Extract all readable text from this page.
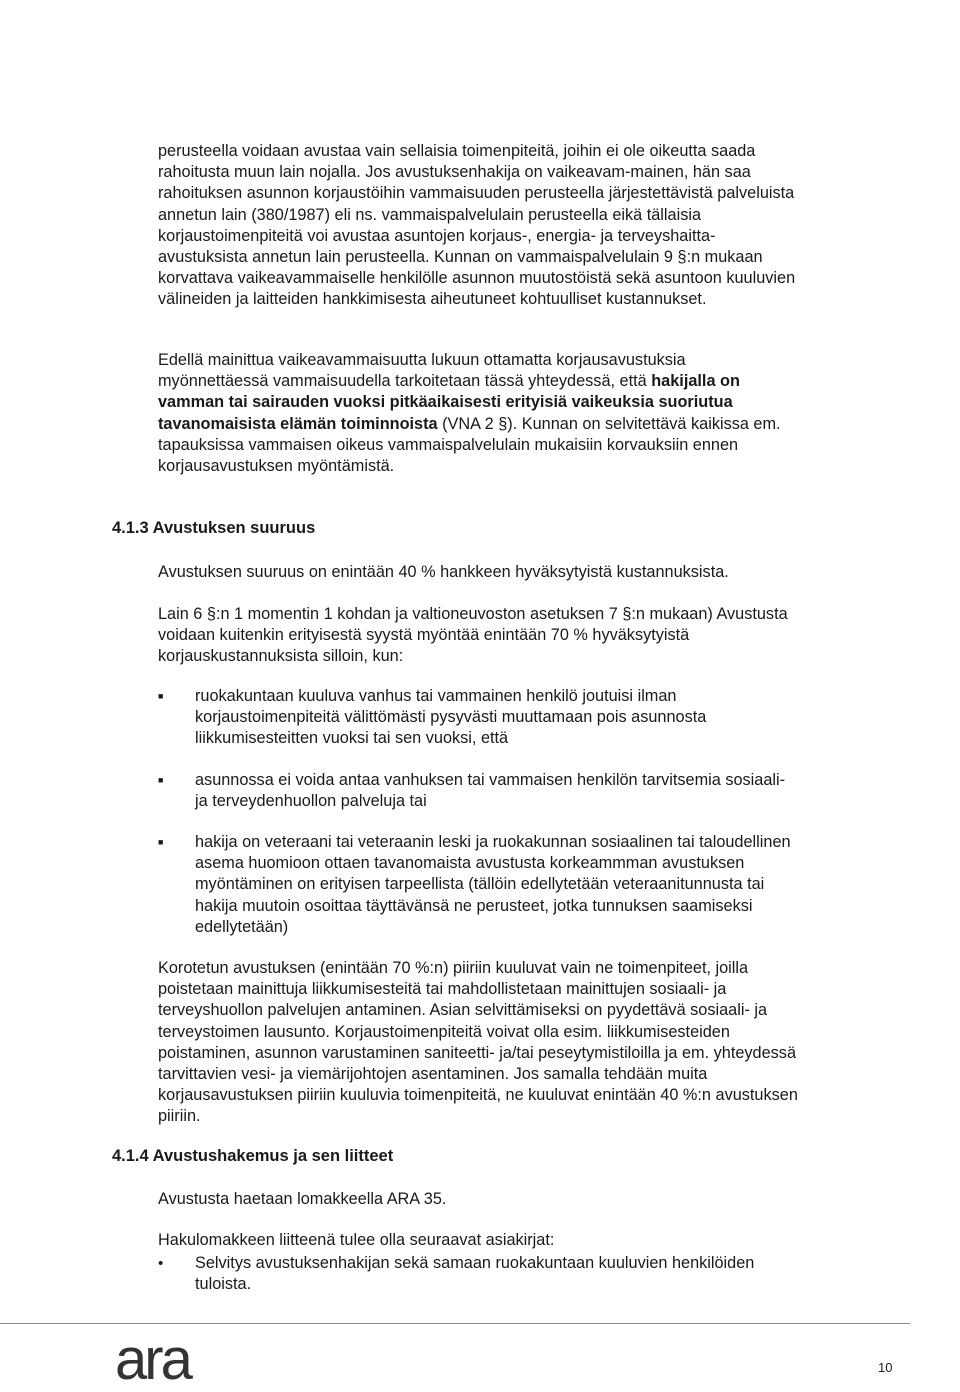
perusteella voidaan avustaa vain sellaisia toimenpiteitä, joihin ei ole oikeutta saada rahoitusta muun lain nojalla. Jos avustuksenhakija on vaikeavam-mainen, hän saa rahoituksen asunnon korjaustöihin vammaisuuden perusteella järjestettävistä palveluista annetun lain (380/1987) eli ns. vammaispalvelulain perusteella eikä tällaisia korjaustoimenpiteitä voi avustaa asuntojen korjaus-, energia- ja terveyshaitta-avustuksista annetun lain perusteella. Kunnan on vammaispalvelulain 9 §:n mukaan korvattava vaikeavammaiselle henkilölle asunnon muutostöistä sekä asuntoon kuuluvien välineiden ja laitteiden hankkimisesta aiheutuneet kohtuulliset kustannukset.

Edellä mainittua vaikeavammaisuutta lukuun ottamatta korjausavustuksia myönnettäessä vammaisuudella tarkoitetaan tässä yhteydessä, että hakijalla on vamman tai sairauden vuoksi pitkäaikaisesti erityisiä vaikeuksia suoriutua tavanomaisista elämän toiminnoista (VNA 2 §). Kunnan on selvitettävä kaikissa em. tapauksissa vammaisen oikeus vammaispalvelulain mukaisiin korvauksiin ennen korjausavustuksen myöntämistä.

4.1.3 Avustuksen suuruus
Avustuksen suuruus on enintään 40 % hankkeen hyväksytyistä kustannuksista.
Lain 6 §:n 1 momentin 1 kohdan ja valtioneuvoston asetuksen 7 §:n mukaan) Avustusta voidaan kuitenkin erityisestä syystä myöntää enintään 70 % hyväksytyistä korjauskustannuksista silloin, kun:
■	ruokakuntaan kuuluva vanhus tai vammainen henkilö joutuisi ilman korjaustoimenpiteitä välittömästi pysyvästi muuttamaan pois asunnosta liikkumisesteitten vuoksi tai sen vuoksi, että
■	asunnossa ei voida antaa vanhuksen tai vammaisen henkilön tarvitsemia sosiaali- ja terveydenhuollon palveluja tai
■	hakija on veteraani tai veteraanin leski ja ruokakunnan sosiaalinen tai taloudellinen asema huomioon ottaen tavanomaista avustusta korkeammman avustuksen myöntäminen on erityisen tarpeellista (tällöin edellytetään veteraanitunnusta tai hakija muutoin osoittaa täyttävänsä ne perusteet, jotka tunnuksen saamiseksi edellytetään)
Korotetun avustuksen (enintään 70 %:n) piiriin kuuluvat vain ne toimenpiteet, joilla poistetaan mainittuja liikkumisesteitä tai mahdollistetaan mainittujen sosiaali- ja terveyshuollon palvelujen antaminen. Asian selvittämiseksi on pyydettävä sosiaali- ja terveystoimen lausunto. Korjaustoimenpiteitä voivat olla esim. liikkumisesteiden poistaminen, asunnon varustaminen saniteetti- ja/tai peseytymistiloilla ja em. yhteydessä tarvittavien vesi- ja viemärijohtojen asentaminen. Jos samalla tehdään muita korjausavustuksen piiriin kuuluvia toimenpiteitä, ne kuuluvat enintään 40 %:n avustuksen piiriin.
4.1.4 Avustushakemus ja sen liitteet
Avustusta haetaan lomakkeella ARA 35.
Hakulomakkeen liitteenä tulee olla seuraavat asiakirjat:
•	Selvitys avustuksenhakijan sekä samaan ruokakuntaan kuuluvien henkilöiden tuloista.
ara	10
